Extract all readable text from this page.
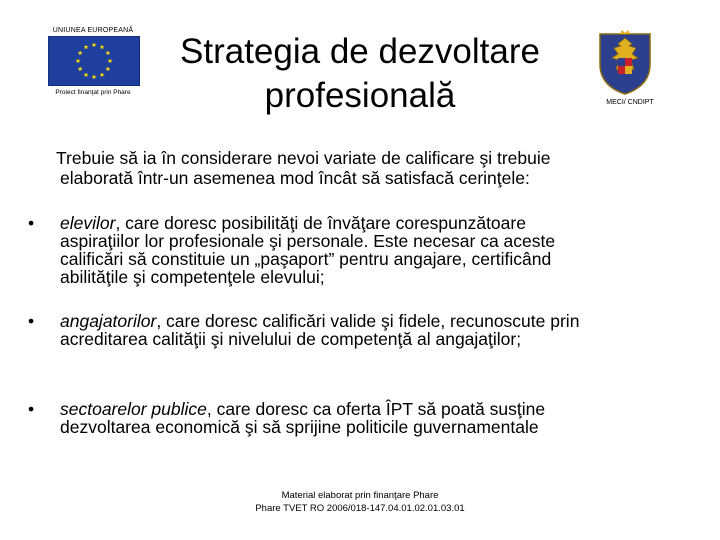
UNIUNEA EUROPEANĂ
Proiect finanţat prin Phare
Strategia de dezvoltare
profesională	MECI/ CNDIPT
Trebuie să ia în considerare nevoi variate de calificare şi trebuie
elaborată într-un asemenea mod încât să satisfacă cerinţele:
• elevilor, care doresc posibilităţi de învăţare corespunzătoare
aspiraţiilor lor profesionale şi personale. Este necesar ca aceste
calificări să constituie un „paşaport” pentru angajare, certificând
abilităţile şi competenţele elevului;
• angajatorilor, care doresc calificări valide şi fidele, recunoscute prin
acreditarea calităţii şi nivelului de competenţă al angajaţilor;
• sectoarelor publice, care doresc ca oferta ÎPT să poată susţine
dezvoltarea economică şi să sprijine politicile guvernamentale
Material elaborat prin finanţare Phare
Phare TVET RO 2006/018-147.04.01.02.01.03.01
